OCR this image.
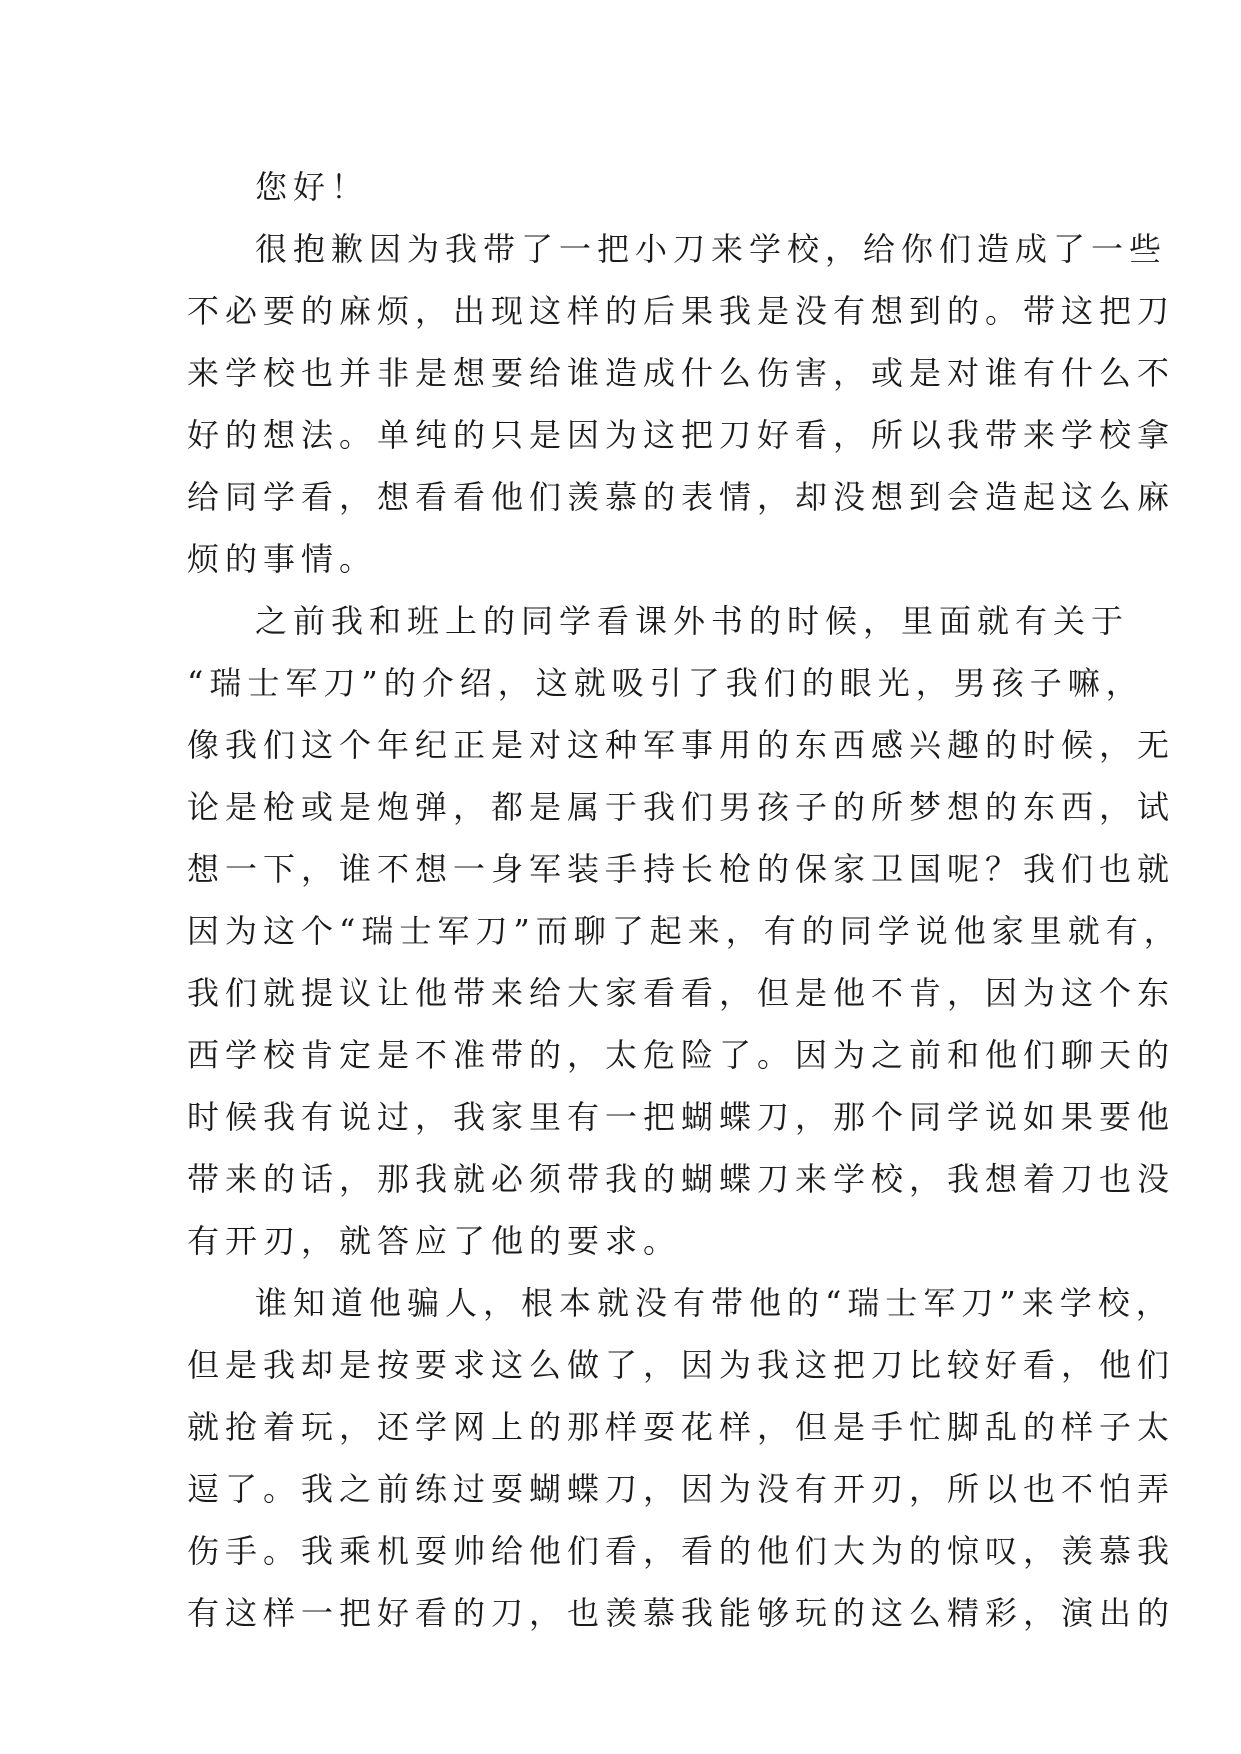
您好！
很抱歉因为我带了一把小刀来学校，给你们造成了一些
不必要的麻烦，出现这样的后果我是没有想到的。带这把刀
来学校也并非是想要给谁造成什么伤害，或是对谁有什么不
好的想法。单纯的只是因为这把刀好看，所以我带来学校拿
给同学看，想看看他们羡慕的表情，却没想到会造起这么麻
烦的事情。
之前我和班上的同学看课外书的时候，里面就有关于
“瑞士军刀”的介绍，这就吸引了我们的眼光，男孩子嘛，
像我们这个年纪正是对这种军事用的东西感兴趣的时候，无
论是枪或是炮弹，都是属于我们男孩子的所梦想的东西，试
想一下，谁不想一身军装手持长枪的保家卫国呢？我们也就
因为这个“瑞士军刀”而聊了起来，有的同学说他家里就有，
我们就提议让他带来给大家看看，但是他不肯，因为这个东
西学校肯定是不准带的，太危险了。因为之前和他们聊天的
时候我有说过，我家里有一把蝴蝶刀，那个同学说如果要他
带来的话，那我就必须带我的蝴蝶刀来学校，我想着刀也没
有开刃，就答应了他的要求。
谁知道他骗人，根本就没有带他的“瑞士军刀”来学校，
但是我却是按要求这么做了，因为我这把刀比较好看，他们
就抢着玩，还学网上的那样耍花样，但是手忙脚乱的样子太
逗了。我之前练过耍蝴蝶刀，因为没有开刃，所以也不怕弄
伤手。我乘机耍帅给他们看，看的他们大为的惊叹，羡慕我
有这样一把好看的刀，也羡慕我能够玩的这么精彩，演出的
